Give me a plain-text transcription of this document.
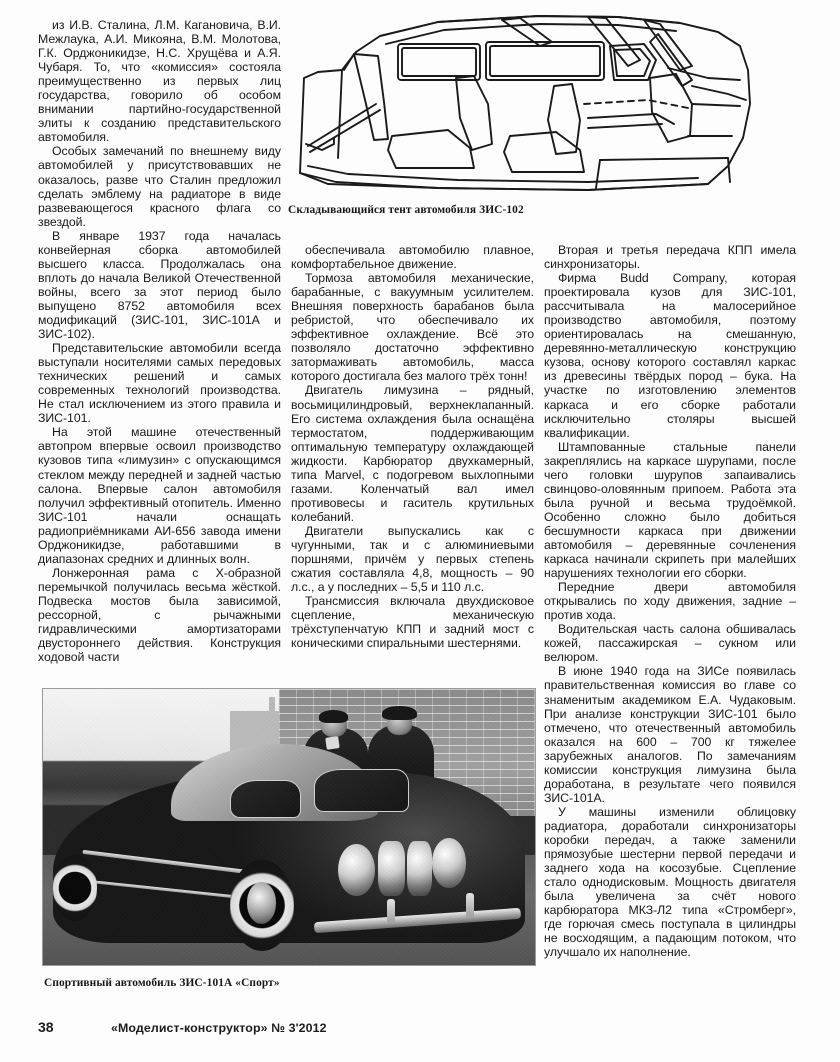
Складывающийся тент автомобиля ЗИС-102

из И.В. Сталина, Л.М. Кагановича, В.И. Межлаука, А.И. Микояна, В.М. Молотова, Г.К. Орджоникидзе, Н.С. Хрущёва и А.Я. Чубаря. То, что «комиссия» состояла преимущественно из первых лиц государства, говорило об особом внимании партийно-государственной элиты к созданию представительского автомобиля.

Особых замечаний по внешнему виду автомобилей у присутствовавших не оказалось, разве что Сталин предложил сделать эмблему на радиаторе в виде развевающегося красного флага со звездой.

В январе 1937 года началась конвейерная сборка автомобилей высшего класса. Продолжалась она вплоть до начала Великой Отечественной войны, всего за этот период было выпущено 8752 автомобиля всех модификаций (ЗИС-101, ЗИС-101А и ЗИС-102).

Представительские автомобили всегда выступали носителями самых передовых технических решений и самых современных технологий производства. Не стал исключением из этого правила и ЗИС-101.

На этой машине отечественный автопром впервые освоил производство кузовов типа «лимузин» с опускающимся стеклом между передней и задней частью салона. Впервые салон автомобиля получил эффективный отопитель. Именно ЗИС-101 начали оснащать радиоприёмниками АИ-656 завода имени Орджоникидзе, работавшими в диапазонах средних и длинных волн.

Лонжеронная рама с Х-образной перемычкой получилась весьма жёсткой. Подвеска мостов была зависимой, рессорной, с рычажными гидравлическими амортизаторами двустороннего действия. Конструкция ходовой части

обеспечивала автомобилю плавное, комфортабельное движение.

Тормоза автомобиля механические, барабанные, с вакуумным усилителем. Внешняя поверхность барабанов была ребристой, что обеспечивало их эффективное охлаждение. Всё это позволяло достаточно эффективно затормаживать автомобиль, масса которого достигала без малого трёх тонн!

Двигатель лимузина – рядный, восьмицилиндровый, верхнеклапанный. Его система охлаждения была оснащёна термостатом, поддерживающим оптимальную температуру охлаждающей жидкости. Карбюратор двухкамерный, типа Marvel, с подогревом выхлопными газами. Коленчатый вал имел противовесы и гаситель крутильных колебаний.

Двигатели выпускались как с чугунными, так и с алюминиевыми поршнями, причём у первых степень сжатия составляла 4,8, мощность – 90 л.с., а у последних – 5,5 и 110 л.с.

Трансмиссия включала двухдисковое сцепление, механическую трёхступенчатую КПП и задний мост с коническими спиральными шестернями.

Вторая и третья передача КПП имела синхронизаторы.

Фирма Budd Company, которая проектировала кузов для ЗИС-101, рассчитывала на малосерийное производство автомобиля, поэтому ориентировалась на смешанную, деревянно-металлическую конструкцию кузова, основу которого составлял каркас из древесины твёрдых пород – бука. На участке по изготовлению элементов каркаса и его сборке работали исключительно столяры высшей квалификации.

Штампованные стальные панели закреплялись на каркасе шурупами, после чего головки шурупов запаивались свинцово-оловянным припоем. Работа эта была ручной и весьма трудоёмкой. Особенно сложно было добиться бесшумности каркаса при движении автомобиля – деревянные сочленения каркаса начинали скрипеть при малейших нарушениях технологии его сборки.

Передние двери автомобиля открывались по ходу движения, задние – против хода.

Водительская часть салона обшивалась кожей, пассажирская – сукном или велюром.

В июне 1940 года на ЗИСе появилась правительственная комиссия во главе со знаменитым академиком Е.А. Чудаковым. При анализе конструкции ЗИС-101 было отмечено, что отечественный автомобиль оказался на 600 – 700 кг тяжелее зарубежных аналогов. По замечаниям комиссии конструкция лимузина была доработана, в результате чего появился ЗИС-101А.

У машины изменили облицовку радиатора, доработали синхронизаторы коробки передач, а также заменили прямозубые шестерни первой передачи и заднего хода на косозубые. Сцепление стало однодисковым. Мощность двигателя была увеличена за счёт нового карбюратора МКЗ-Л2 типа «Стромберг», где горючая смесь поступала в цилиндры не восходящим, а падающим потоком, что улучшало их наполнение.

Спортивный автомобиль ЗИС-101А «Спорт»
38	«Моделист-конструктор» № 3'2012
